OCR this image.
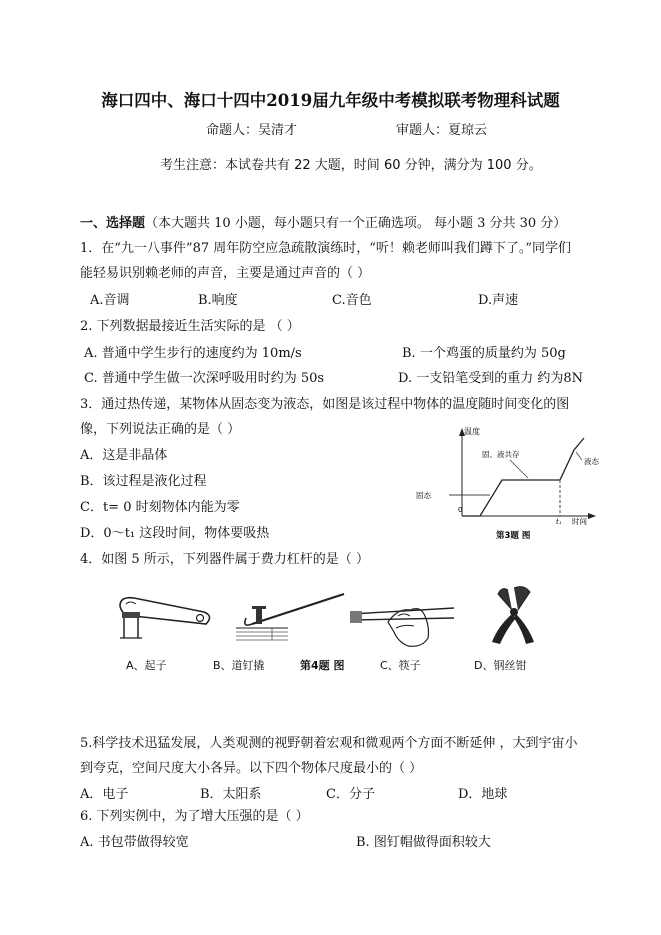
海口四中、海口十四中2019届九年级中考模拟联考物理科试题
命题人：吴清才	审题人：夏琼云
考生注意：本试卷共有 22 大题，时间 60 分钟，满分为 100 分。
一、选择题（本大题共 10 小题，每小题只有一个正确选项。 每小题 3 分共 30 分）
1．在“九一八事件”87 周年防空应急疏散演练时，“听！赖老师叫我们蹲下了。”同学们
能轻易识别赖老师的声音，主要是通过声音的（ ）
A.音调	B.响度	C.音色	D.声速
2. 下列数据最接近生活实际的是 （ ）
A. 普通中学生步行的速度约为 10m/s	B. 一个鸡蛋的质量约为 50g
C. 普通中学生做一次深呼吸用时约为 50s	D. 一支铅笔受到的重力 约为8N
3．通过热传递，某物体从固态变为液态，如图是该过程中物体的温度随时间变化的图
像，下列说法正确的是（ ）
A．这是非晶体
B．该过程是液化过程
C．t= 0 时刻物体内能为零
D．0～t₁ 这段时间，物体要吸热
温度
固、液共存
液态
固态
0
t₁ 时间
第3题 图
4．如图 5 所示，下列器件属于费力杠杆的是（ ）
A、起子	B、道钉撬	第4题 图	C、筷子	D、钢丝钳
5.科学技术迅猛发展，人类观测的视野朝着宏观和微观两个方面不断延伸 ，大到宇宙小
到夸克，空间尺度大小各异。以下四个物体尺度最小的（ ）
A．电子	B．太阳系	C．分子	D．地球
6. 下列实例中，为了增大压强的是（ ）
A. 书包带做得较宽	B. 图钉帽做得面积较大
